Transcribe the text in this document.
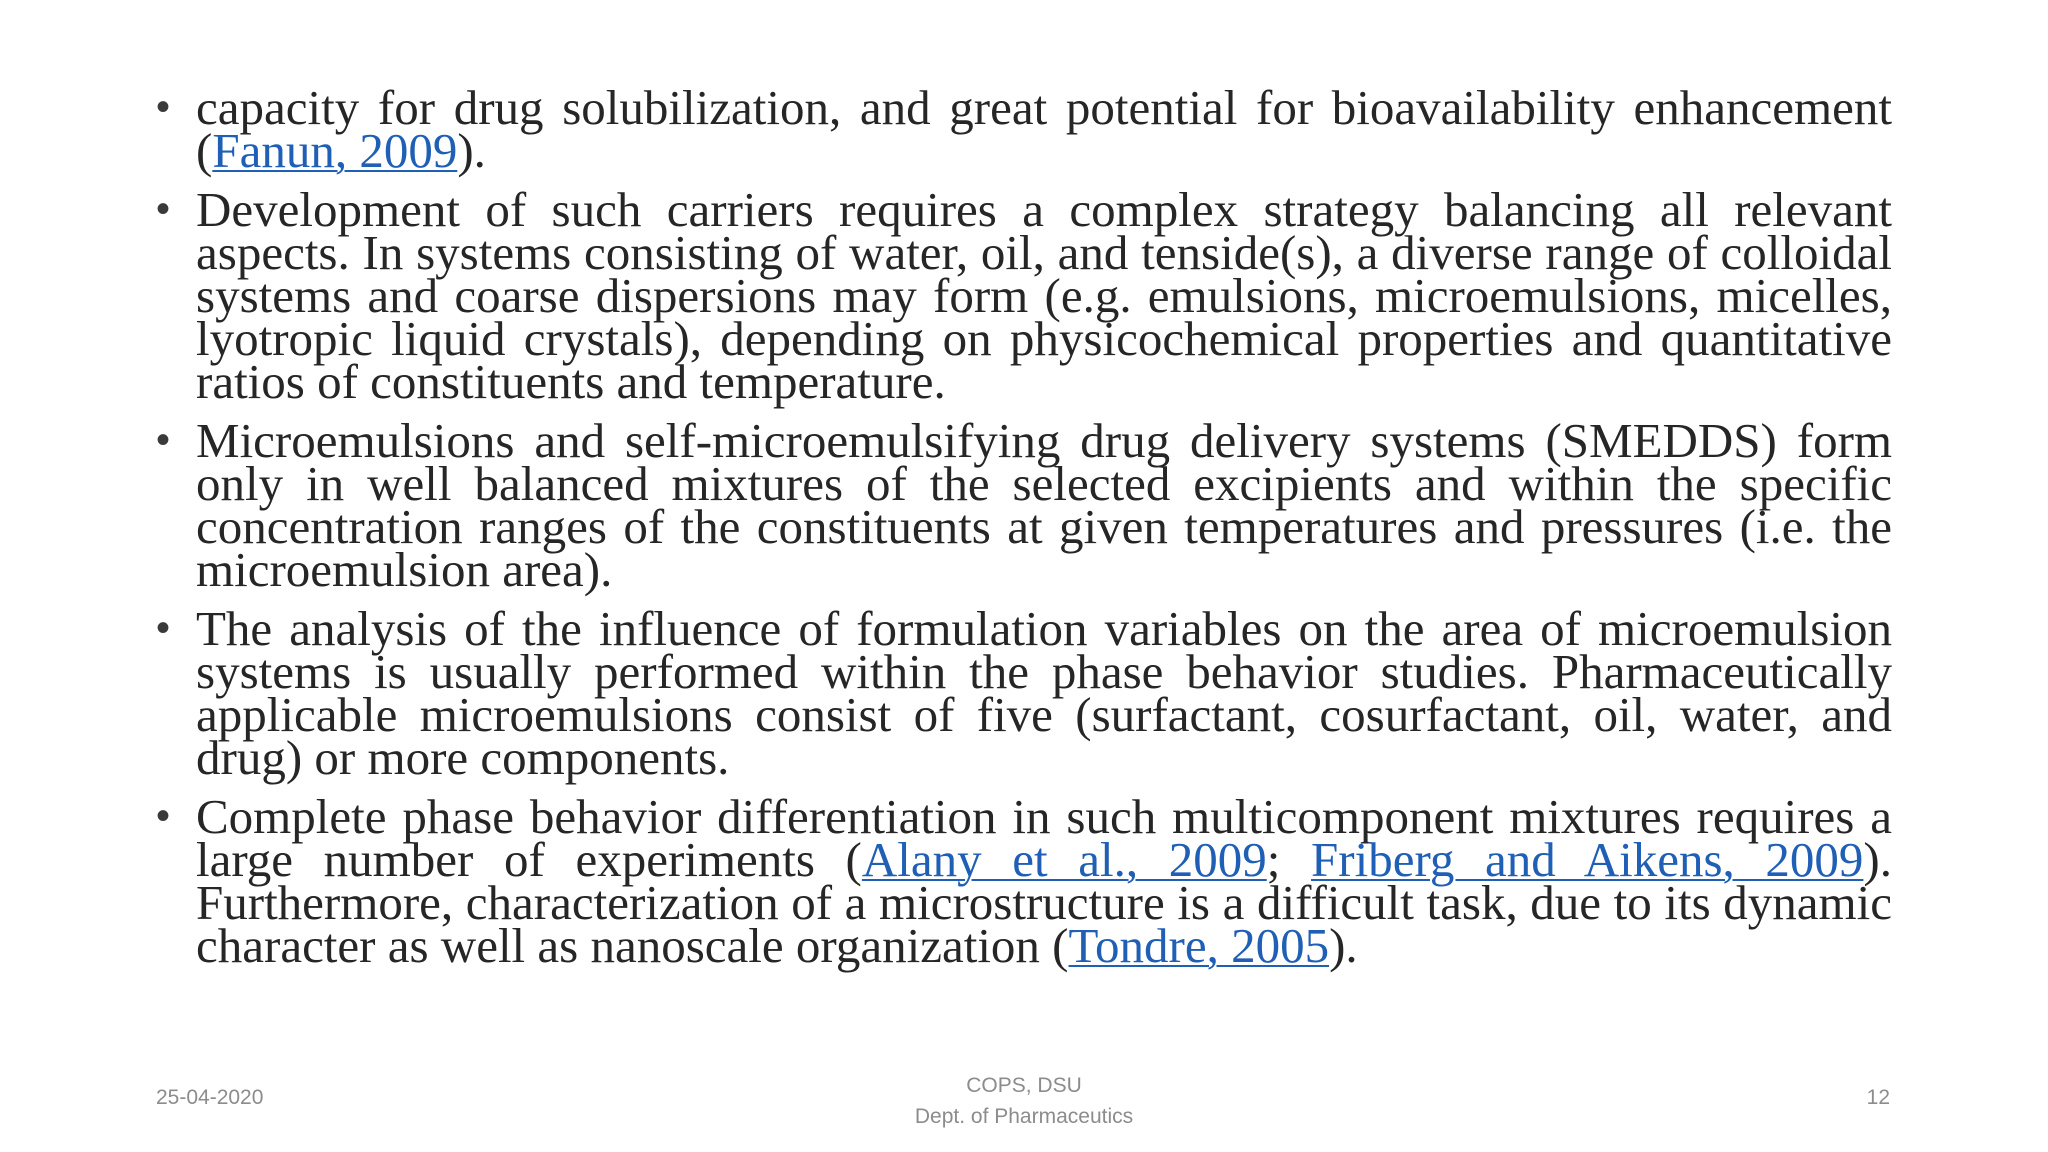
• capacity for drug solubilization, and great potential for bioavailability enhancement (Fanun, 2009).

• Development of such carriers requires a complex strategy balancing all relevant aspects. In systems consisting of water, oil, and tenside(s), a diverse range of colloidal systems and coarse dispersions may form (e.g. emulsions, microemulsions, micelles, lyotropic liquid crystals), depending on physicochemical properties and quantitative ratios of constituents and temperature.

• Microemulsions and self-microemulsifying drug delivery systems (SMEDDS) form only in well balanced mixtures of the selected excipients and within the specific concentration ranges of the constituents at given temperatures and pressures (i.e. the microemulsion area).

• The analysis of the influence of formulation variables on the area of microemulsion systems is usually performed within the phase behavior studies. Pharmaceutically applicable microemulsions consist of five (surfactant, cosurfactant, oil, water, and drug) or more components.

• Complete phase behavior differentiation in such multicomponent mixtures requires a large number of experiments (Alany et al., 2009; Friberg and Aikens, 2009). Furthermore, characterization of a microstructure is a difficult task, due to its dynamic character as well as nanoscale organization (Tondre, 2005).

25-04-2020
COPS, DSU
Dept. of Pharmaceutics
12
